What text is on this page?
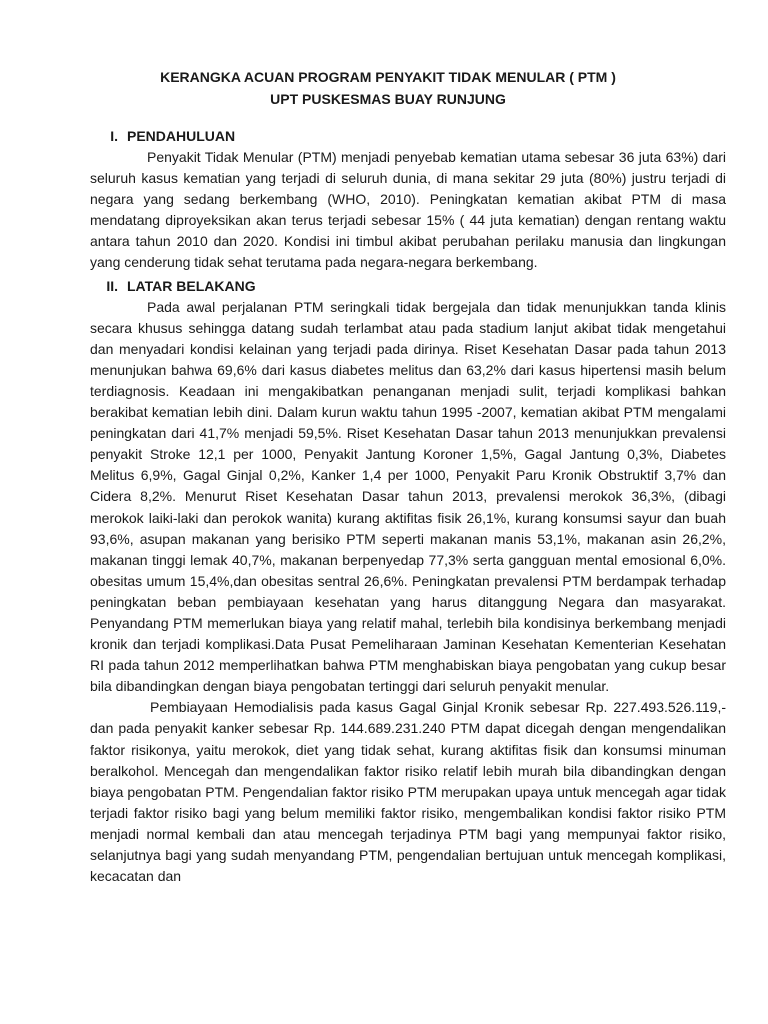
KERANGKA ACUAN PROGRAM PENYAKIT TIDAK MENULAR ( PTM )

UPT PUSKESMAS BUAY RUNJUNG

I. PENDAHULUAN

Penyakit Tidak Menular (PTM) menjadi penyebab kematian utama sebesar 36 juta 63%) dari seluruh kasus kematian yang terjadi di seluruh dunia, di mana sekitar 29 juta (80%) justru terjadi di negara yang sedang berkembang (WHO, 2010). Peningkatan kematian akibat PTM di masa mendatang diproyeksikan akan terus terjadi sebesar 15% ( 44 juta kematian) dengan rentang waktu antara tahun 2010 dan 2020. Kondisi ini timbul akibat perubahan perilaku manusia dan lingkungan yang cenderung tidak sehat terutama pada negara-negara berkembang.

II. LATAR BELAKANG

Pada awal perjalanan PTM seringkali tidak bergejala dan tidak menunjukkan tanda klinis secara khusus sehingga datang sudah terlambat atau pada stadium lanjut akibat tidak mengetahui dan menyadari kondisi kelainan yang terjadi pada dirinya. Riset Kesehatan Dasar pada tahun 2013 menunjukan bahwa 69,6% dari kasus diabetes melitus dan 63,2% dari kasus hipertensi masih belum terdiagnosis. Keadaan ini mengakibatkan penanganan menjadi sulit, terjadi komplikasi bahkan berakibat kematian lebih dini. Dalam kurun waktu tahun 1995 -2007, kematian akibat PTM mengalami peningkatan dari 41,7% menjadi 59,5%. Riset Kesehatan Dasar tahun 2013 menunjukkan prevalensi penyakit Stroke 12,1 per 1000, Penyakit Jantung Koroner 1,5%, Gagal Jantung 0,3%, Diabetes Melitus 6,9%, Gagal Ginjal 0,2%, Kanker 1,4 per 1000, Penyakit Paru Kronik Obstruktif 3,7% dan Cidera 8,2%. Menurut Riset Kesehatan Dasar tahun 2013, prevalensi merokok 36,3%, (dibagi merokok laiki-laki dan perokok wanita) kurang aktifitas fisik 26,1%, kurang konsumsi sayur dan buah 93,6%, asupan makanan yang berisiko PTM seperti makanan manis 53,1%, makanan asin 26,2%, makanan tinggi lemak 40,7%, makanan berpenyedap 77,3% serta gangguan mental emosional 6,0%. obesitas umum 15,4%,dan obesitas sentral 26,6%. Peningkatan prevalensi PTM berdampak terhadap peningkatan beban pembiayaan kesehatan yang harus ditanggung Negara dan masyarakat. Penyandang PTM memerlukan biaya yang relatif mahal, terlebih bila kondisinya berkembang menjadi kronik dan terjadi komplikasi.Data Pusat Pemeliharaan Jaminan Kesehatan Kementerian Kesehatan RI pada tahun 2012 memperlihatkan bahwa PTM menghabiskan biaya pengobatan yang cukup besar bila dibandingkan dengan biaya pengobatan tertinggi dari seluruh penyakit menular.

Pembiayaan Hemodialisis pada kasus Gagal Ginjal Kronik sebesar Rp. 227.493.526.119,- dan pada penyakit kanker sebesar Rp. 144.689.231.240 PTM dapat dicegah dengan mengendalikan faktor risikonya, yaitu merokok, diet yang tidak sehat, kurang aktifitas fisik dan konsumsi minuman beralkohol. Mencegah dan mengendalikan faktor risiko relatif lebih murah bila dibandingkan dengan biaya pengobatan PTM. Pengendalian faktor risiko PTM merupakan upaya untuk mencegah agar tidak terjadi faktor risiko bagi yang belum memiliki faktor risiko, mengembalikan kondisi faktor risiko PTM menjadi normal kembali dan atau mencegah terjadinya PTM bagi yang mempunyai faktor risiko, selanjutnya bagi yang sudah menyandang PTM, pengendalian bertujuan untuk mencegah komplikasi, kecacatan dan
